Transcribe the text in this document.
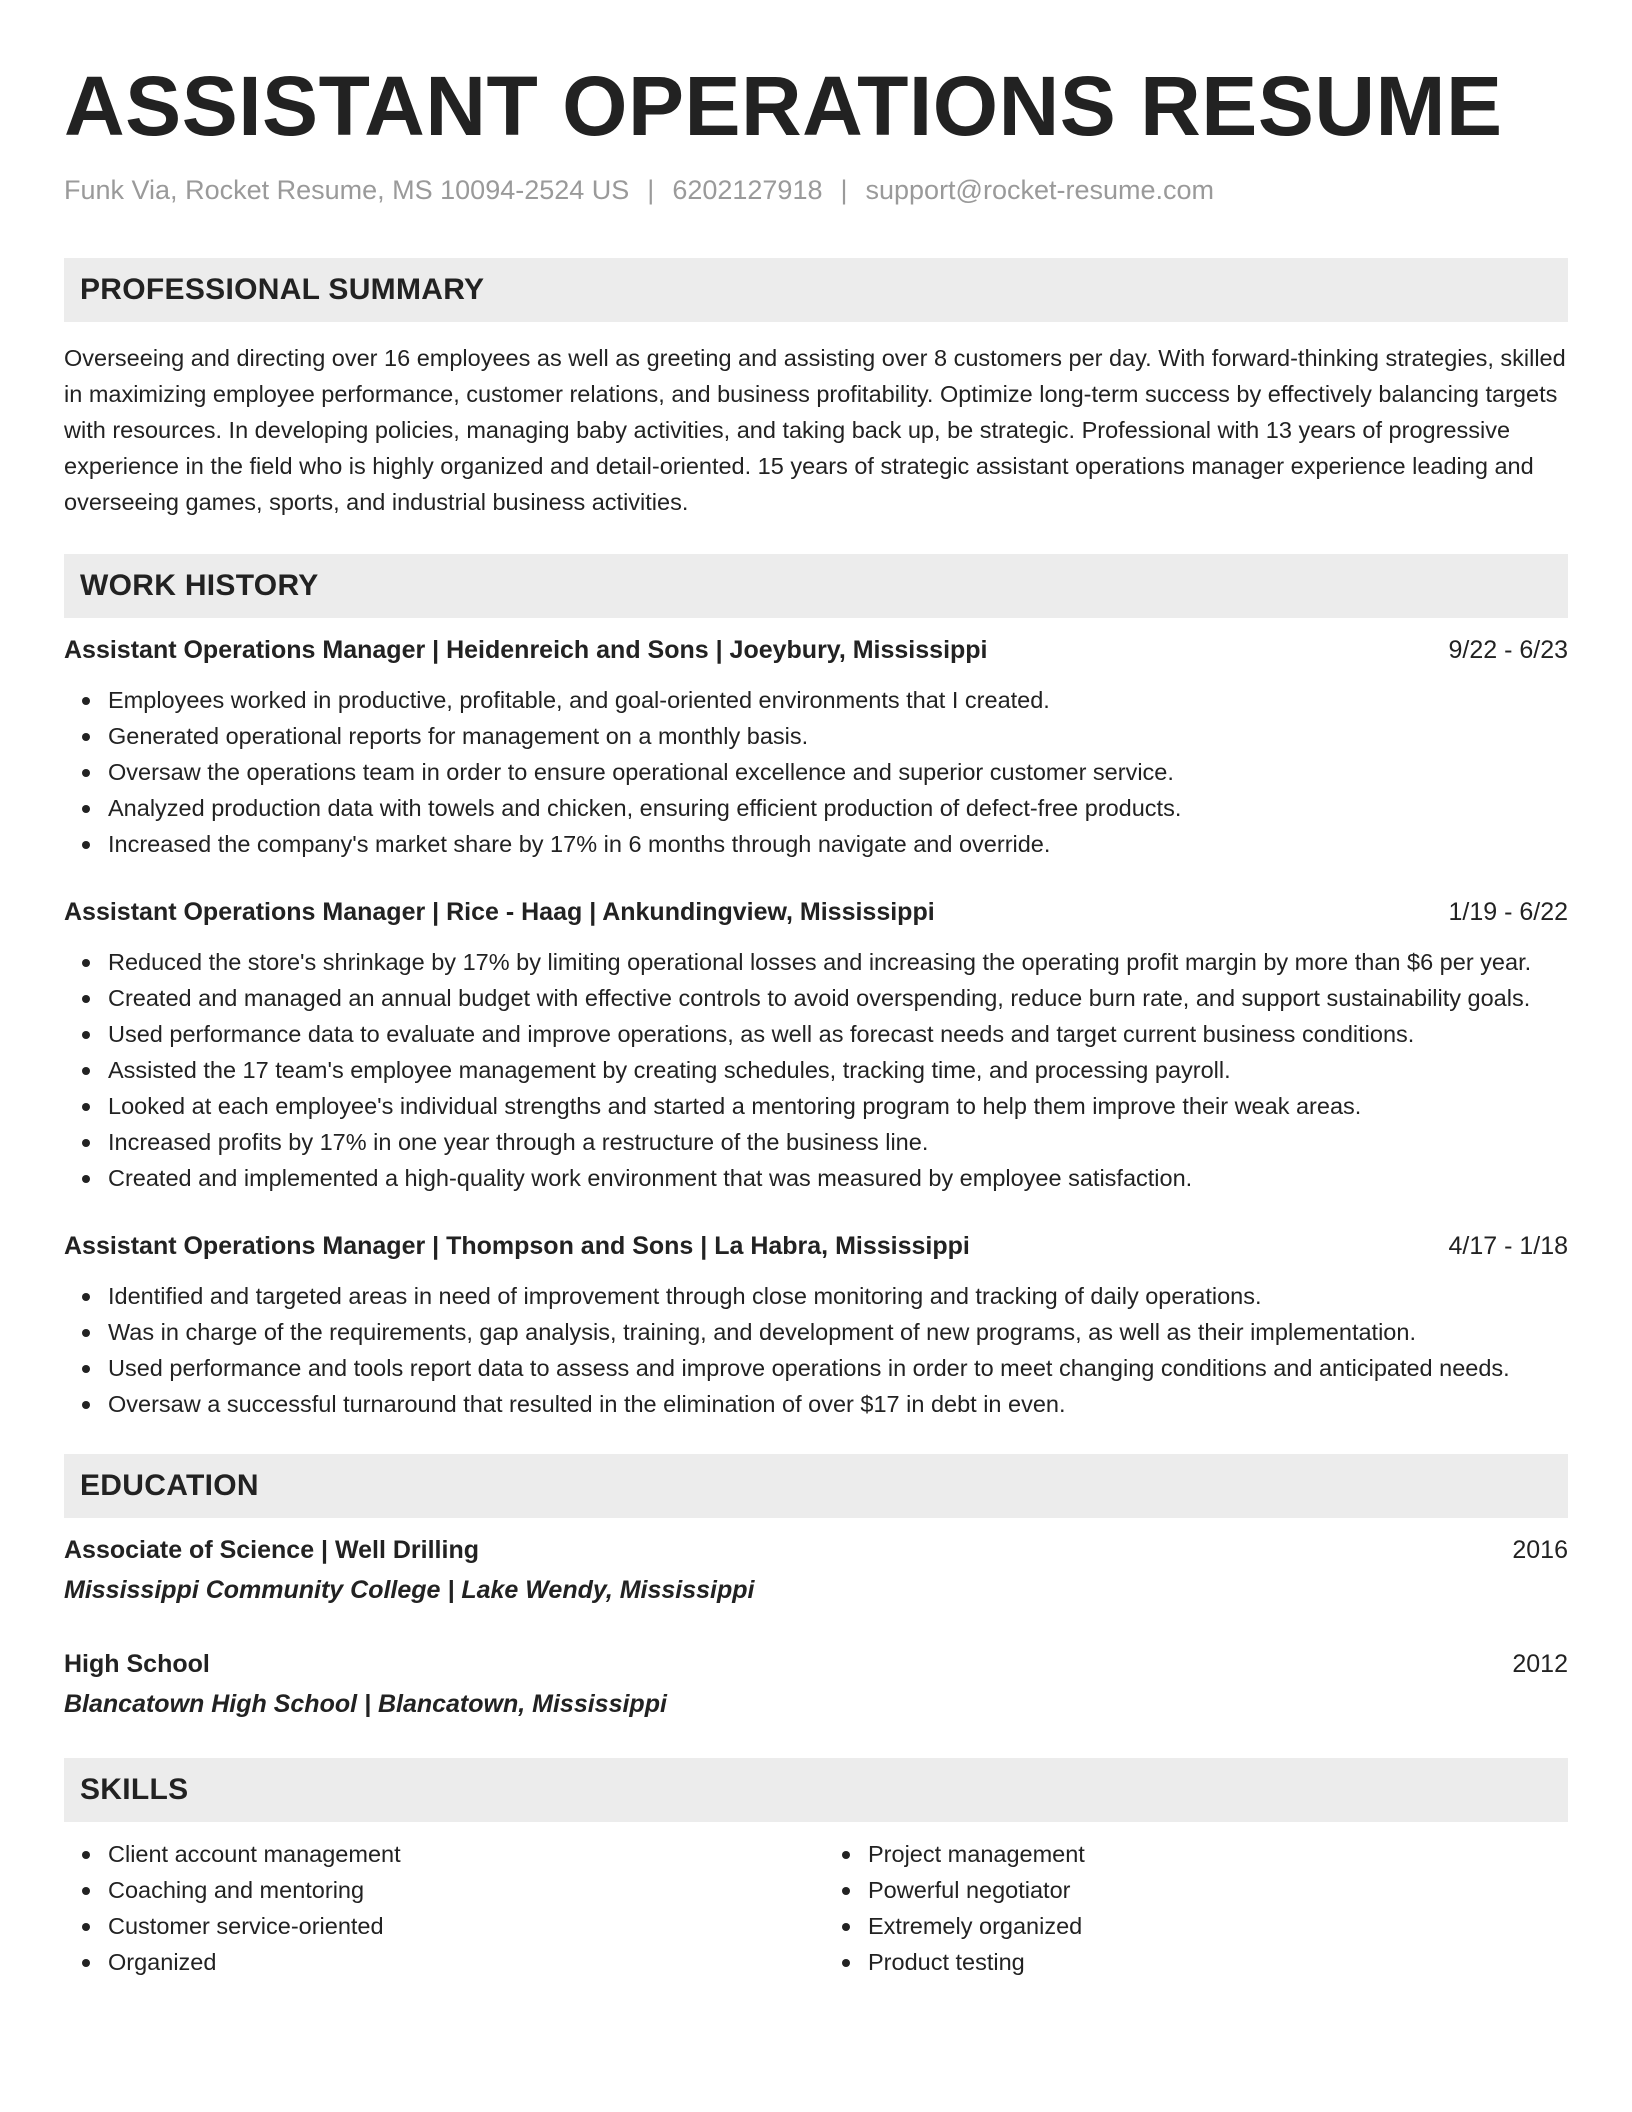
ASSISTANT OPERATIONS RESUME
Funk Via, Rocket Resume, MS 10094-2524 US | 6202127918 | support@rocket-resume.com
PROFESSIONAL SUMMARY
Overseeing and directing over 16 employees as well as greeting and assisting over 8 customers per day. With forward-thinking strategies, skilled in maximizing employee performance, customer relations, and business profitability. Optimize long-term success by effectively balancing targets with resources. In developing policies, managing baby activities, and taking back up, be strategic. Professional with 13 years of progressive experience in the field who is highly organized and detail-oriented. 15 years of strategic assistant operations manager experience leading and overseeing games, sports, and industrial business activities.
WORK HISTORY
Assistant Operations Manager | Heidenreich and Sons | Joeybury, Mississippi	9/22 - 6/23
Employees worked in productive, profitable, and goal-oriented environments that I created.
Generated operational reports for management on a monthly basis.
Oversaw the operations team in order to ensure operational excellence and superior customer service.
Analyzed production data with towels and chicken, ensuring efficient production of defect-free products.
Increased the company's market share by 17% in 6 months through navigate and override.
Assistant Operations Manager | Rice - Haag | Ankundingview, Mississippi	1/19 - 6/22
Reduced the store's shrinkage by 17% by limiting operational losses and increasing the operating profit margin by more than $6 per year.
Created and managed an annual budget with effective controls to avoid overspending, reduce burn rate, and support sustainability goals.
Used performance data to evaluate and improve operations, as well as forecast needs and target current business conditions.
Assisted the 17 team's employee management by creating schedules, tracking time, and processing payroll.
Looked at each employee's individual strengths and started a mentoring program to help them improve their weak areas.
Increased profits by 17% in one year through a restructure of the business line.
Created and implemented a high-quality work environment that was measured by employee satisfaction.
Assistant Operations Manager | Thompson and Sons | La Habra, Mississippi	4/17 - 1/18
Identified and targeted areas in need of improvement through close monitoring and tracking of daily operations.
Was in charge of the requirements, gap analysis, training, and development of new programs, as well as their implementation.
Used performance and tools report data to assess and improve operations in order to meet changing conditions and anticipated needs.
Oversaw a successful turnaround that resulted in the elimination of over $17 in debt in even.
EDUCATION
Associate of Science | Well Drilling	2016
Mississippi Community College | Lake Wendy, Mississippi
High School	2012
Blancatown High School | Blancatown, Mississippi
SKILLS
Client account management
Coaching and mentoring
Customer service-oriented
Organized
Project management
Powerful negotiator
Extremely organized
Product testing
